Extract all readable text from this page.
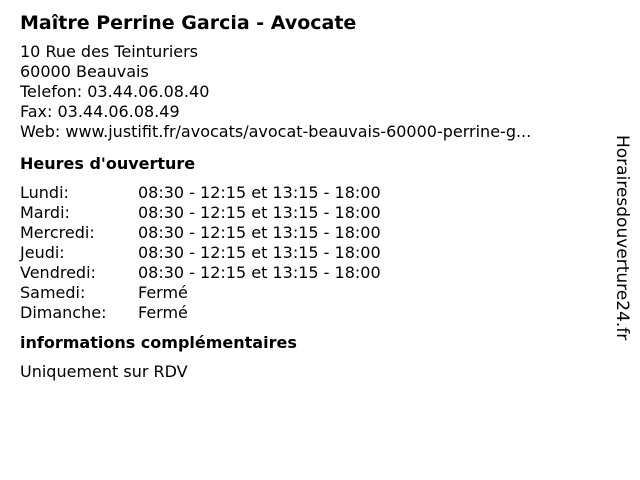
Maître Perrine Garcia - Avocate
10 Rue des Teinturiers
60000 Beauvais
Telefon: 03.44.06.08.40
Fax: 03.44.06.08.49
Web: www.justifit.fr/avocats/avocat-beauvais-60000-perrine-g...
Heures d'ouverture
Lundi:	08:30 - 12:15 et 13:15 - 18:00
Mardi:	08:30 - 12:15 et 13:15 - 18:00
Mercredi:	08:30 - 12:15 et 13:15 - 18:00
Jeudi:	08:30 - 12:15 et 13:15 - 18:00
Vendredi:	08:30 - 12:15 et 13:15 - 18:00
Samedi:	Fermé
Dimanche:	Fermé
informations complémentaires
Uniquement sur RDV
Horairesdouverture24.fr
